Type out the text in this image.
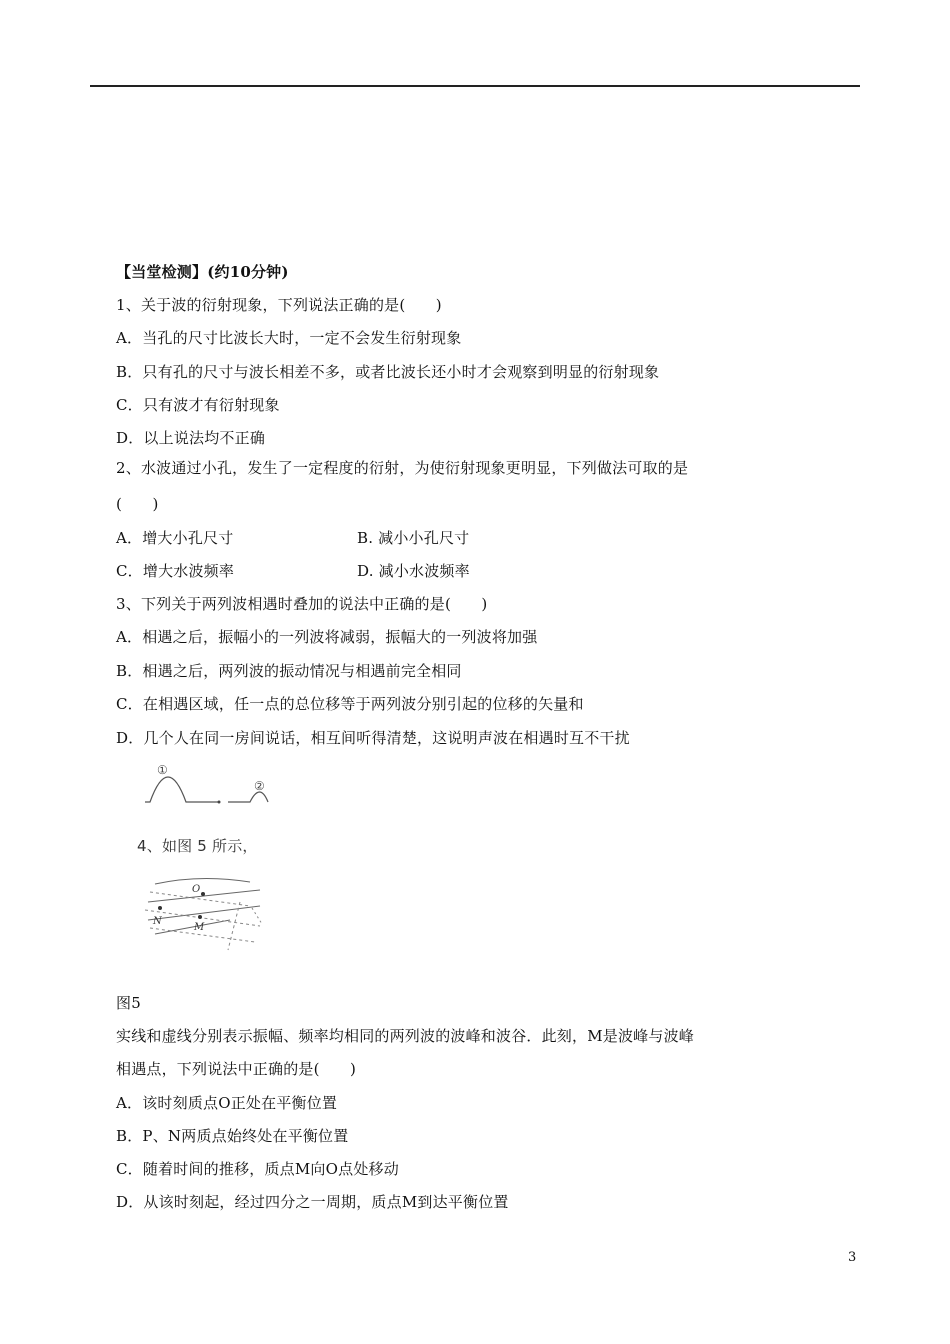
【当堂检测】(约10分钟)
1、关于波的衍射现象，下列说法正确的是(　　)
A．当孔的尺寸比波长大时，一定不会发生衍射现象
B．只有孔的尺寸与波长相差不多，或者比波长还小时才会观察到明显的衍射现象
C．只有波才有衍射现象
D．以上说法均不正确
2、水波通过小孔，发生了一定程度的衍射，为使衍射现象更明显，下列做法可取的是
(　　)
A．增大小孔尺寸	B. 减小小孔尺寸
C．增大水波频率	D. 减小水波频率
3、下列关于两列波相遇时叠加的说法中正确的是(　　)
A．相遇之后，振幅小的一列波将减弱，振幅大的一列波将加强
B．相遇之后，两列波的振动情况与相遇前完全相同
C．在相遇区域，任一点的总位移等于两列波分别引起的位移的矢量和
D．几个人在同一房间说话，相互间听得清楚，这说明声波在相遇时互不干扰
①
②
4、如图 5 所示，
O
N
M
图5
实线和虚线分别表示振幅、频率均相同的两列波的波峰和波谷．此刻，M是波峰与波峰
相遇点，下列说法中正确的是(　　)
A．该时刻质点O正处在平衡位置
B．P、N两质点始终处在平衡位置
C．随着时间的推移，质点M向O点处移动
D．从该时刻起，经过四分之一周期，质点M到达平衡位置
3
